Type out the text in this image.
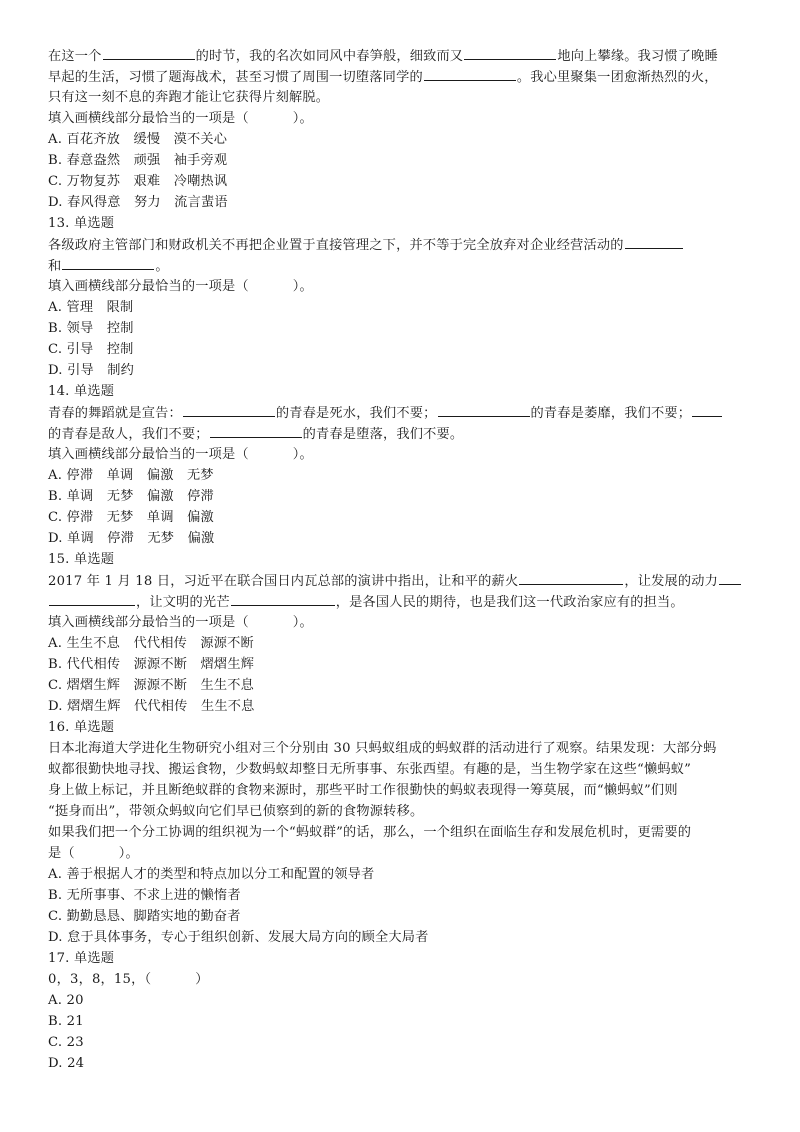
在这一个	的时节，我的名次如同风中春笋般，细致而又	地向上攀缘。我习惯了晚睡
早起的生活，习惯了题海战术，甚至习惯了周围一切堕落同学的	。我心里聚集一团愈渐热烈的火，
只有这一刻不息的奔跑才能让它获得片刻解脱。
填入画横线部分最恰当的一项是（          ）。
A. 百花齐放　缓慢　漠不关心
B. 春意盎然　顽强　袖手旁观
C. 万物复苏　艰难　冷嘲热讽
D. 春风得意　努力　流言蜚语
13. 单选题
各级政府主管部门和财政机关不再把企业置于直接管理之下，并不等于完全放弃对企业经营活动的
和	。
填入画横线部分最恰当的一项是（          ）。
A. 管理　限制
B. 领导　控制
C. 引导　控制
D. 引导　制约
14. 单选题
青春的舞蹈就是宣告：	的青春是死水，我们不要；	的青春是萎靡，我们不要；
的青春是敌人，我们不要；	的青春是堕落，我们不要。
填入画横线部分最恰当的一项是（          ）。
A. 停滞　单调　偏激　无梦
B. 单调　无梦　偏激　停滞
C. 停滞　无梦　单调　偏激
D. 单调　停滞　无梦　偏激
15. 单选题
2017 年 1 月 18 日，习近平在联合国日内瓦总部的演讲中指出，让和平的薪火	，让发展的动力
，让文明的光芒	，是各国人民的期待，也是我们这一代政治家应有的担当。
填入画横线部分最恰当的一项是（          ）。
A. 生生不息　代代相传　源源不断
B. 代代相传　源源不断　熠熠生辉
C. 熠熠生辉　源源不断　生生不息
D. 熠熠生辉　代代相传　生生不息
16. 单选题
日本北海道大学进化生物研究小组对三个分别由 30 只蚂蚁组成的蚂蚁群的活动进行了观察。结果发现：大部分蚂
蚁都很勤快地寻找、搬运食物，少数蚂蚁却整日无所事事、东张西望。有趣的是，当生物学家在这些“懒蚂蚁”
身上做上标记，并且断绝蚁群的食物来源时，那些平时工作很勤快的蚂蚁表现得一筹莫展，而“懒蚂蚁”们则
“挺身而出”，带领众蚂蚁向它们早已侦察到的新的食物源转移。
如果我们把一个分工协调的组织视为一个“蚂蚁群”的话，那么，一个组织在面临生存和发展危机时，更需要的
是（          ）。
A. 善于根据人才的类型和特点加以分工和配置的领导者
B. 无所事事、不求上进的懒惰者
C. 勤勤恳恳、脚踏实地的勤奋者
D. 怠于具体事务，专心于组织创新、发展大局方向的顾全大局者
17. 单选题
0，3，8，15，（          ）
A. 20
B. 21
C. 23
D. 24
